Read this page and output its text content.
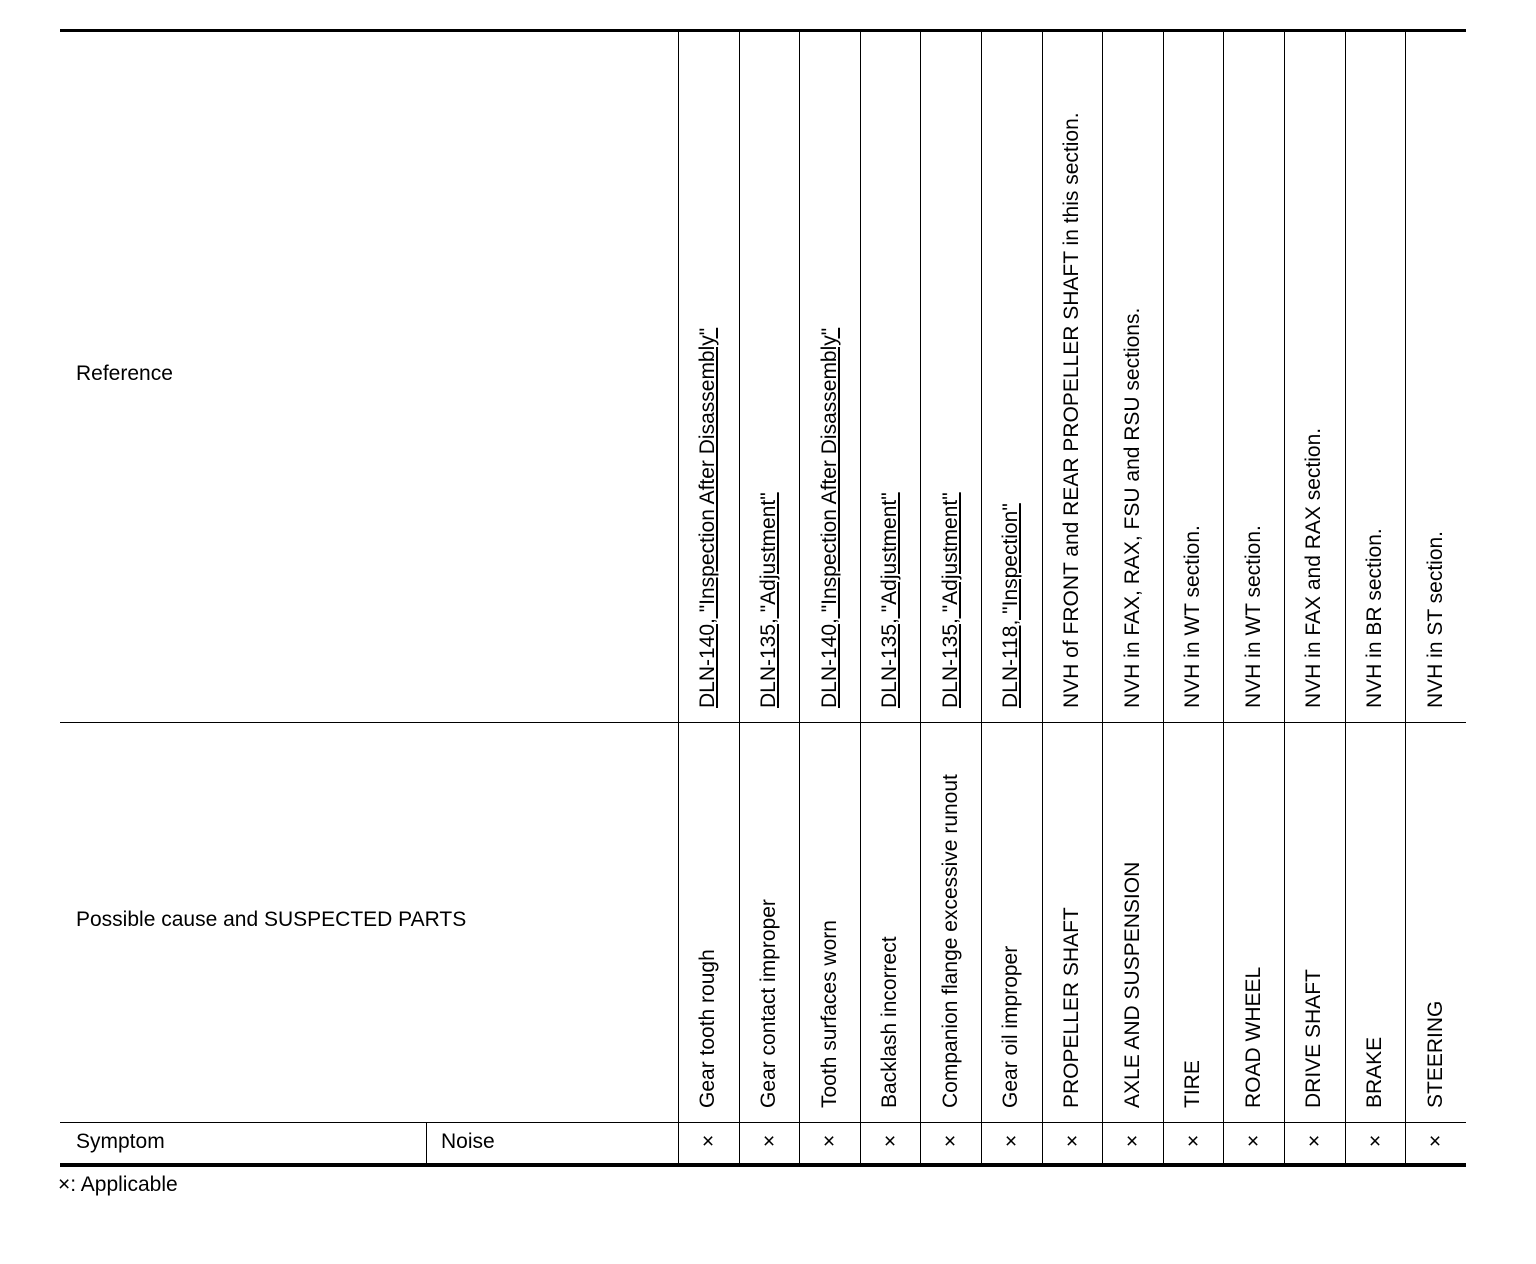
Reference
Possible cause and SUSPECTED PARTS
Symptom	Noise
DLN-140, "Inspection After Disassembly"
Gear tooth rough
×
DLN-135, "Adjustment"
Gear contact improper
×
DLN-140, "Inspection After Disassembly"
Tooth surfaces worn
×
DLN-135, "Adjustment"
Backlash incorrect
×
DLN-135, "Adjustment"
Companion flange excessive runout
×
DLN-118, "Inspection"
Gear oil improper
×
NVH of FRONT and REAR PROPELLER SHAFT in this section.
PROPELLER SHAFT
×
NVH in FAX, RAX, FSU and RSU sections.
AXLE AND SUSPENSION
×
NVH in WT section.
TIRE
×
NVH in WT section.
ROAD WHEEL
×
NVH in FAX and RAX section.
DRIVE SHAFT
×
NVH in BR section.
BRAKE
×
NVH in ST section.
STEERING
×
×: Applicable
